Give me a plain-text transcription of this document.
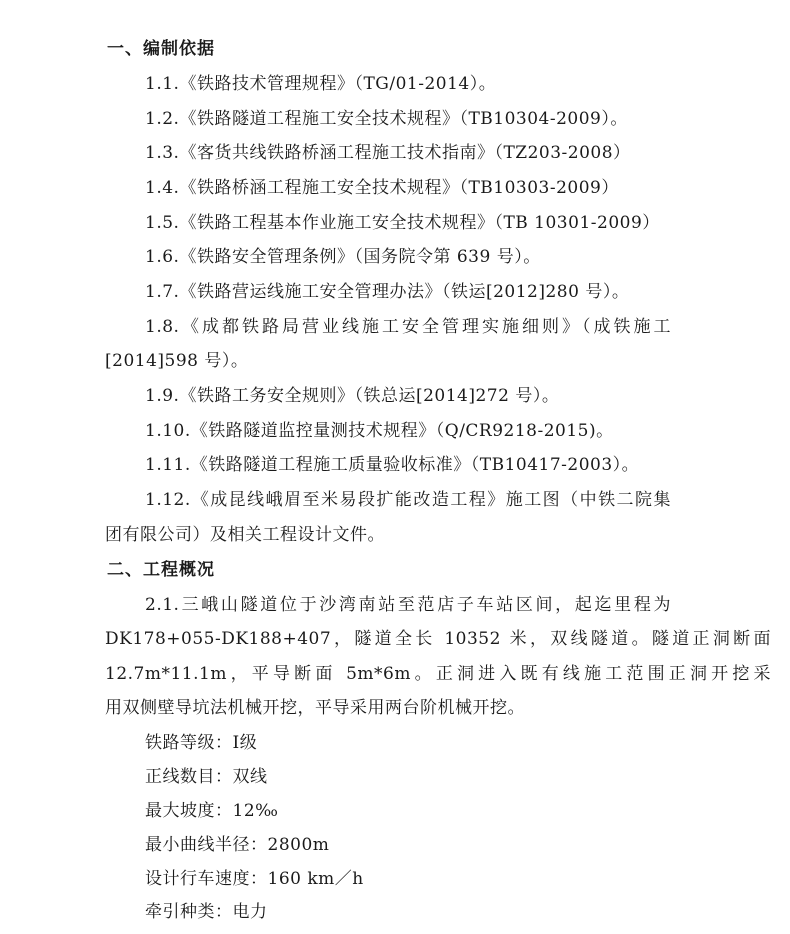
一、编制依据
1.1.《铁路技术管理规程》（TG/01-2014）。
1.2.《铁路隧道工程施工安全技术规程》（TB10304-2009）。
1.3.《客货共线铁路桥涵工程施工技术指南》（TZ203-2008）
1.4.《铁路桥涵工程施工安全技术规程》（TB10303-2009）
1.5.《铁路工程基本作业施工安全技术规程》（TB 10301-2009）
1.6.《铁路安全管理条例》（国务院令第 639 号）。
1.7.《铁路营运线施工安全管理办法》（铁运[2012]280 号）。
1.8.《成都铁路局营业线施工安全管理实施细则》（成铁施工
[2014]598 号）。
1.9.《铁路工务安全规则》（铁总运[2014]272 号）。
1.10.《铁路隧道监控量测技术规程》（Q/CR9218-2015)。
1.11.《铁路隧道工程施工质量验收标准》（TB10417-2003）。
1.12.《成昆线峨眉至米易段扩能改造工程》施工图（中铁二院集
团有限公司）及相关工程设计文件。
二、工程概况
2.1.三峨山隧道位于沙湾南站至范店子车站区间，起迄里程为
DK178+055-DK188+407，隧道全长 10352 米，双线隧道。隧道正洞断面
12.7m*11.1m，平导断面 5m*6m。正洞进入既有线施工范围正洞开挖采
用双侧壁导坑法机械开挖，平导采用两台阶机械开挖。
铁路等级：Ⅰ级
正线数目：双线
最大坡度：12‰
最小曲线半径：2800m
设计行车速度：160 km／h
牵引种类：电力
